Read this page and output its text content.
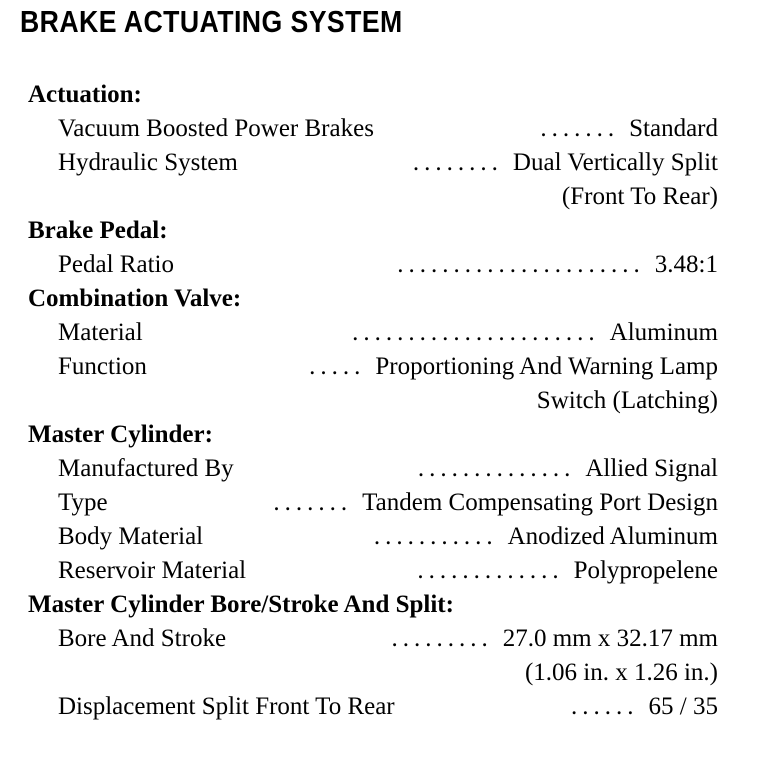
BRAKE ACTUATING SYSTEM
Actuation:
Vacuum Boosted Power Brakes	....... Standard
Hydraulic System	........ Dual Vertically Split
(Front To Rear)
Brake Pedal:
Pedal Ratio	...................... 3.48:1
Combination Valve:
Material	...................... Aluminum
Function	..... Proportioning And Warning Lamp
Switch (Latching)
Master Cylinder:
Manufactured By	.............. Allied Signal
Type	....... Tandem Compensating Port Design
Body Material	........... Anodized Aluminum
Reservoir Material	............. Polypropelene
Master Cylinder Bore/Stroke And Split:
Bore And Stroke	......... 27.0 mm x 32.17 mm
(1.06 in. x 1.26 in.)
Displacement Split Front To Rear	...... 65 / 35
